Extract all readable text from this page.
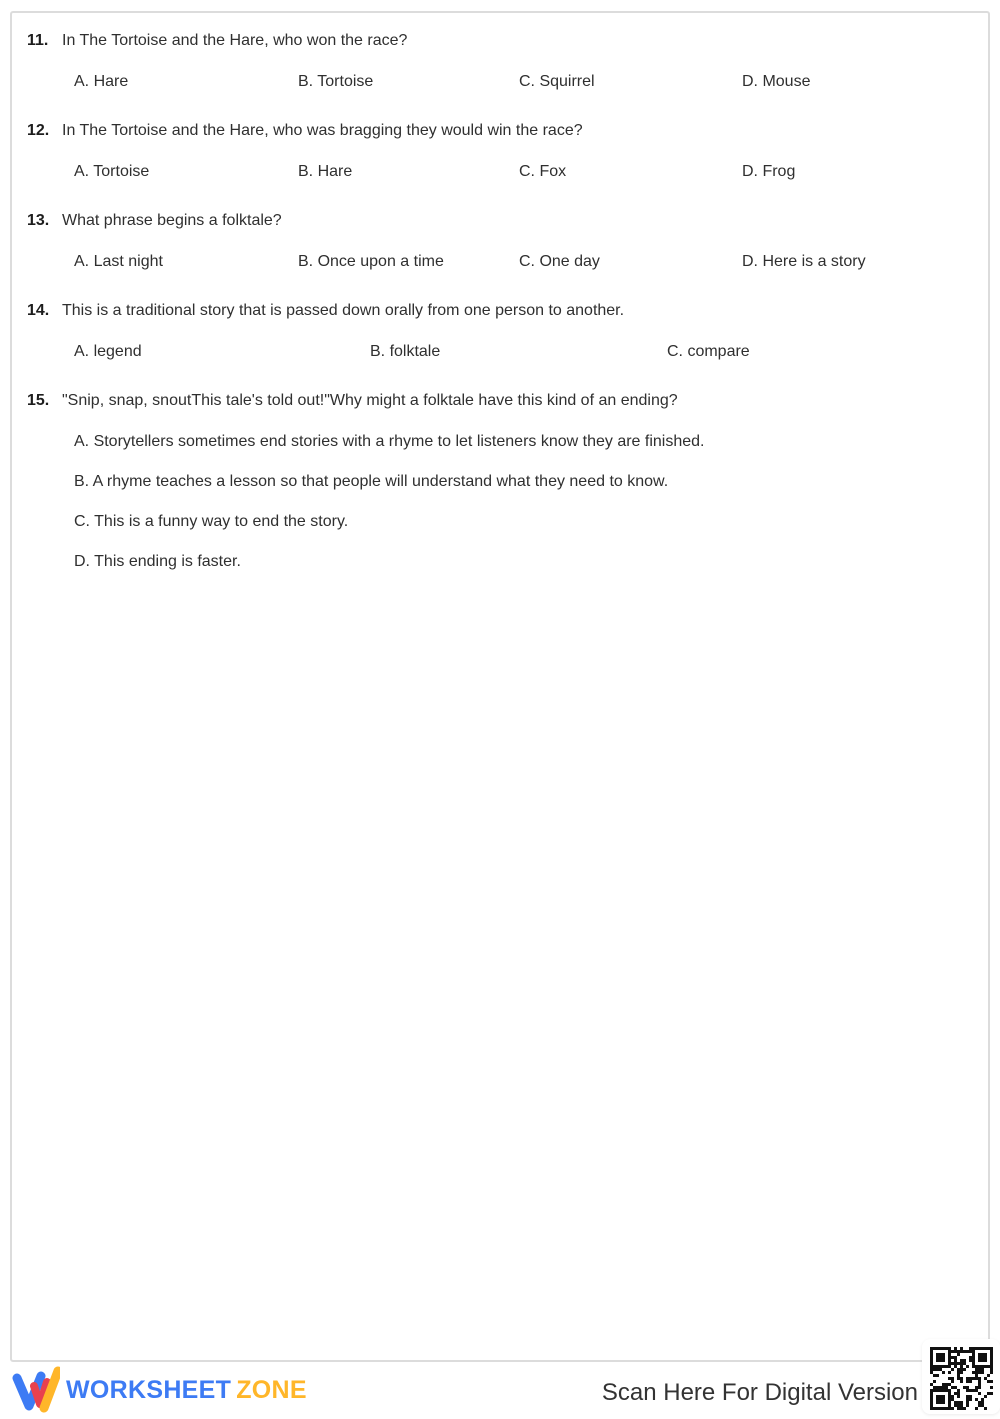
11. In The Tortoise and the Hare, who won the race?
A. Hare	B. Tortoise	C. Squirrel	D. Mouse
12. In The Tortoise and the Hare, who was bragging they would win the race?
A. Tortoise	B. Hare	C. Fox	D. Frog
13. What phrase begins a folktale?
A. Last night	B. Once upon a time	C. One day	D. Here is a story
14. This is a traditional story that is passed down orally from one person to another.
A. legend	B. folktale	C. compare
15. "Snip, snap, snoutThis tale's told out!"Why might a folktale have this kind of an ending?
A. Storytellers sometimes end stories with a rhyme to let listeners know they are finished.
B. A rhyme teaches a lesson so that people will understand what they need to know.
C. This is a funny way to end the story.
D. This ending is faster.
WORKSHEET ZONE	Scan Here For Digital Version
